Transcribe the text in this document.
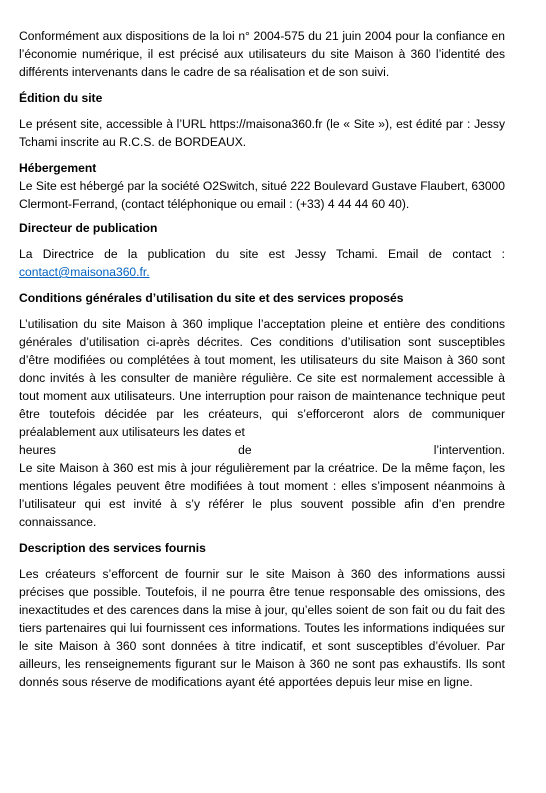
Conformément aux dispositions de la loi n° 2004-575 du 21 juin 2004 pour la confiance en l’économie numérique, il est précisé aux utilisateurs du site Maison à 360 l’identité des différents intervenants dans le cadre de sa réalisation et de son suivi.

Édition du site

Le présent site, accessible à l’URL https://maisona360.fr (le « Site »), est édité par : Jessy Tchami inscrite au R.C.S. de BORDEAUX.

Hébergement

Le Site est hébergé par la société O2Switch, situé 222 Boulevard Gustave Flaubert, 63000 Clermont-Ferrand, (contact téléphonique ou email : (+33) 4 44 44 60 40).

Directeur de publication

La Directrice de la publication du site est Jessy Tchami. Email de contact : contact@maisona360.fr.

Conditions générales d’utilisation du site et des services proposés

L’utilisation du site Maison à 360 implique l’acceptation pleine et entière des conditions générales d’utilisation ci-après décrites. Ces conditions d’utilisation sont susceptibles d’être modifiées ou complétées à tout moment, les utilisateurs du site Maison à 360 sont donc invités à les consulter de manière régulière. Ce site est normalement accessible à tout moment aux utilisateurs. Une interruption pour raison de maintenance technique peut être toutefois décidée par les créateurs, qui s’efforceront alors de communiquer préalablement aux utilisateurs les dates et

heures	de	l’intervention.

Le site Maison à 360 est mis à jour régulièrement par la créatrice. De la même façon, les mentions légales peuvent être modifiées à tout moment : elles s’imposent néanmoins à l’utilisateur qui est invité à s’y référer le plus souvent possible afin d’en prendre connaissance.

Description des services fournis

Les créateurs s’efforcent de fournir sur le site Maison à 360 des informations aussi précises que possible. Toutefois, il ne pourra être tenue responsable des omissions, des inexactitudes et des carences dans la mise à jour, qu’elles soient de son fait ou du fait des tiers partenaires qui lui fournissent ces informations. Toutes les informations indiquées sur le site Maison à 360 sont données à titre indicatif, et sont susceptibles d’évoluer. Par ailleurs, les renseignements figurant sur le Maison à 360 ne sont pas exhaustifs. Ils sont donnés sous réserve de modifications ayant été apportées depuis leur mise en ligne.
